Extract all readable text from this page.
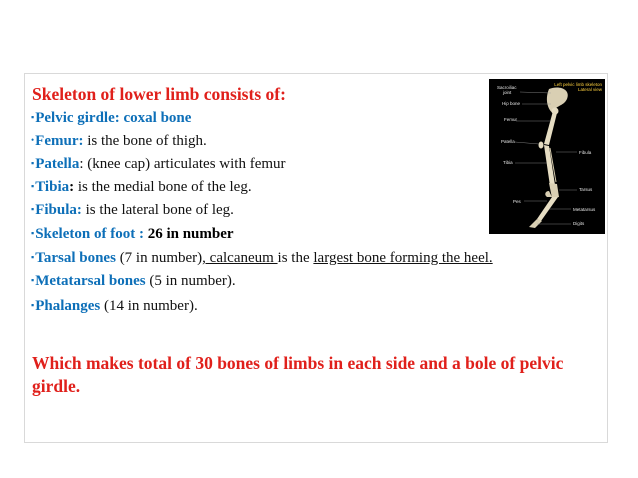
Skeleton of lower limb consists of:
▪Pelvic girdle: coxal bone
•Femur: is the bone of thigh.
▪Patella: (knee cap) articulates with femur
▪Tibia: is the medial bone of the leg.
▪Fibula: is the lateral bone of leg.
▪Skeleton of foot : 26 in number
▪Tarsal bones (7 in number), calcaneum is the largest bone forming the heel.
▪Metatarsal bones (5 in number).
▪Phalanges (14 in number).
Which makes total of 30 bones of limbs in each side and a bole of pelvic girdle.
Left pelvic limb skeleton
Lateral view
Sacroiliac
joint
Hip bone
Femur
Patella
Fibula
Tibia
Tarsus
Pes
Metatarsus
Digits
